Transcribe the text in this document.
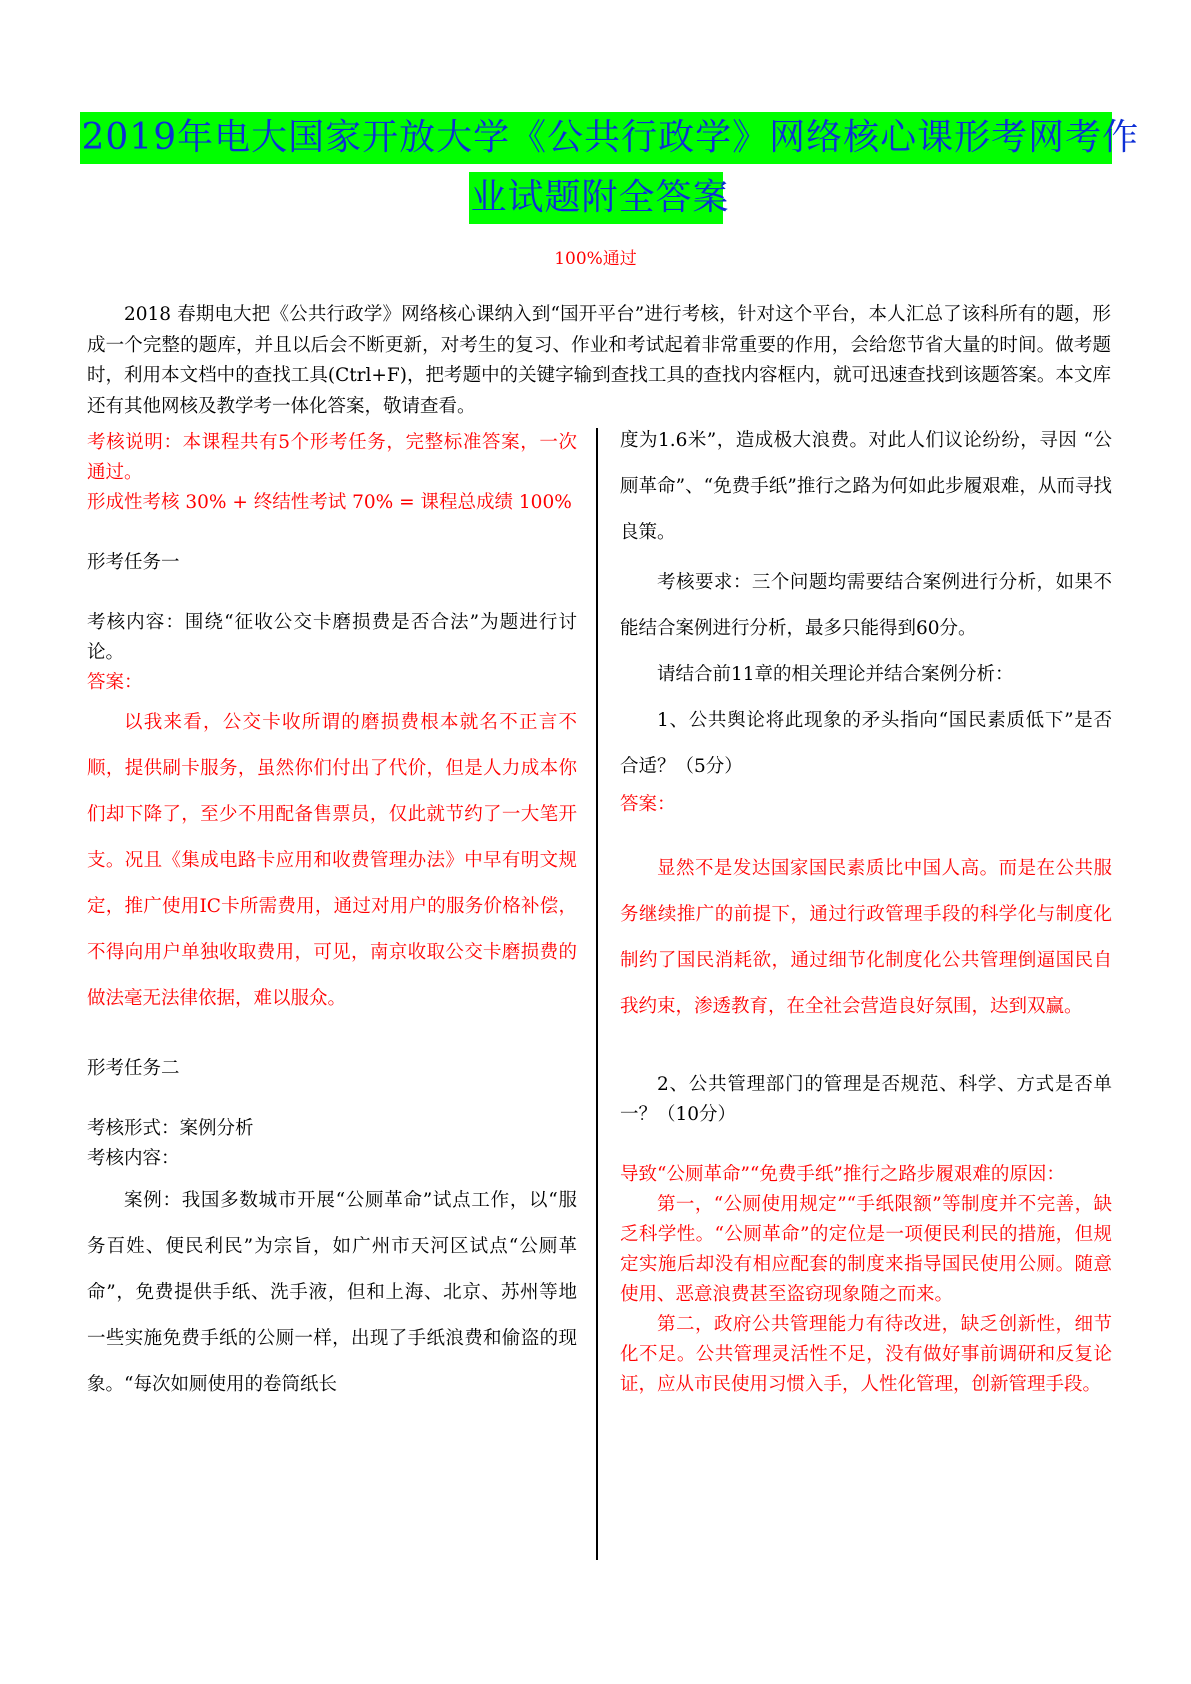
2019年电大国家开放大学《公共行政学》网络核心课形考网考作
业试题附全答案
100%通过

2018 春期电大把《公共行政学》网络核心课纳入到“国开平台”进行考核，针对这个平台，本人汇总了该科所有的题，形成一个完整的题库，并且以后会不断更新，对考生的复习、作业和考试起着非常重要的作用，会给您节省大量的时间。做考题时，利用本文档中的查找工具(Ctrl+F)，把考题中的关键字输到查找工具的查找内容框内，就可迅速查找到该题答案。本文库还有其他网核及教学考一体化答案，敬请查看。

考核说明：本课程共有5个形考任务，完整标准答案，一次通过。

形成性考核 30% + 终结性考试 70% = 课程总成绩 100%

形考任务一

考核内容：围绕“征收公交卡磨损费是否合法”为题进行讨论。

答案：

以我来看，公交卡收所谓的磨损费根本就名不正言不顺，提供刷卡服务，虽然你们付出了代价，但是人力成本你们却下降了，至少不用配备售票员，仅此就节约了一大笔开支。况且《集成电路卡应用和收费管理办法》中早有明文规定，推广使用IC卡所需费用，通过对用户的服务价格补偿，不得向用户单独收取费用，可见，南京收取公交卡磨损费的做法毫无法律依据，难以服众。

形考任务二

考核形式：案例分析

考核内容：

案例：我国多数城市开展“公厕革命”试点工作，以“服务百姓、便民利民”为宗旨，如广州市天河区试点“公厕革命”，免费提供手纸、洗手液，但和上海、北京、苏州等地一些实施免费手纸的公厕一样，出现了手纸浪费和偷盗的现象。“每次如厕使用的卷筒纸长

度为1.6米”，造成极大浪费。对此人们议论纷纷，寻因 “公厕革命”、“免费手纸”推行之路为何如此步履艰难，从而寻找良策。

考核要求：三个问题均需要结合案例进行分析，如果不能结合案例进行分析，最多只能得到60分。

请结合前11章的相关理论并结合案例分析：

1、公共舆论将此现象的矛头指向“国民素质低下”是否合适？（5分）

答案：

显然不是发达国家国民素质比中国人高。而是在公共服务继续推广的前提下，通过行政管理手段的科学化与制度化制约了国民消耗欲，通过细节化制度化公共管理倒逼国民自我约束，渗透教育，在全社会营造良好氛围，达到双赢。

2、公共管理部门的管理是否规范、科学、方式是否单一？（10分）

导致“公厕革命”“免费手纸”推行之路步履艰难的原因：

第一，“公厕使用规定”“手纸限额”等制度并不完善，缺乏科学性。“公厕革命”的定位是一项便民利民的措施，但规定实施后却没有相应配套的制度来指导国民使用公厕。随意使用、恶意浪费甚至盗窃现象随之而来。

第二，政府公共管理能力有待改进，缺乏创新性，细节化不足。公共管理灵活性不足，没有做好事前调研和反复论证，应从市民使用习惯入手，人性化管理，创新管理手段。
